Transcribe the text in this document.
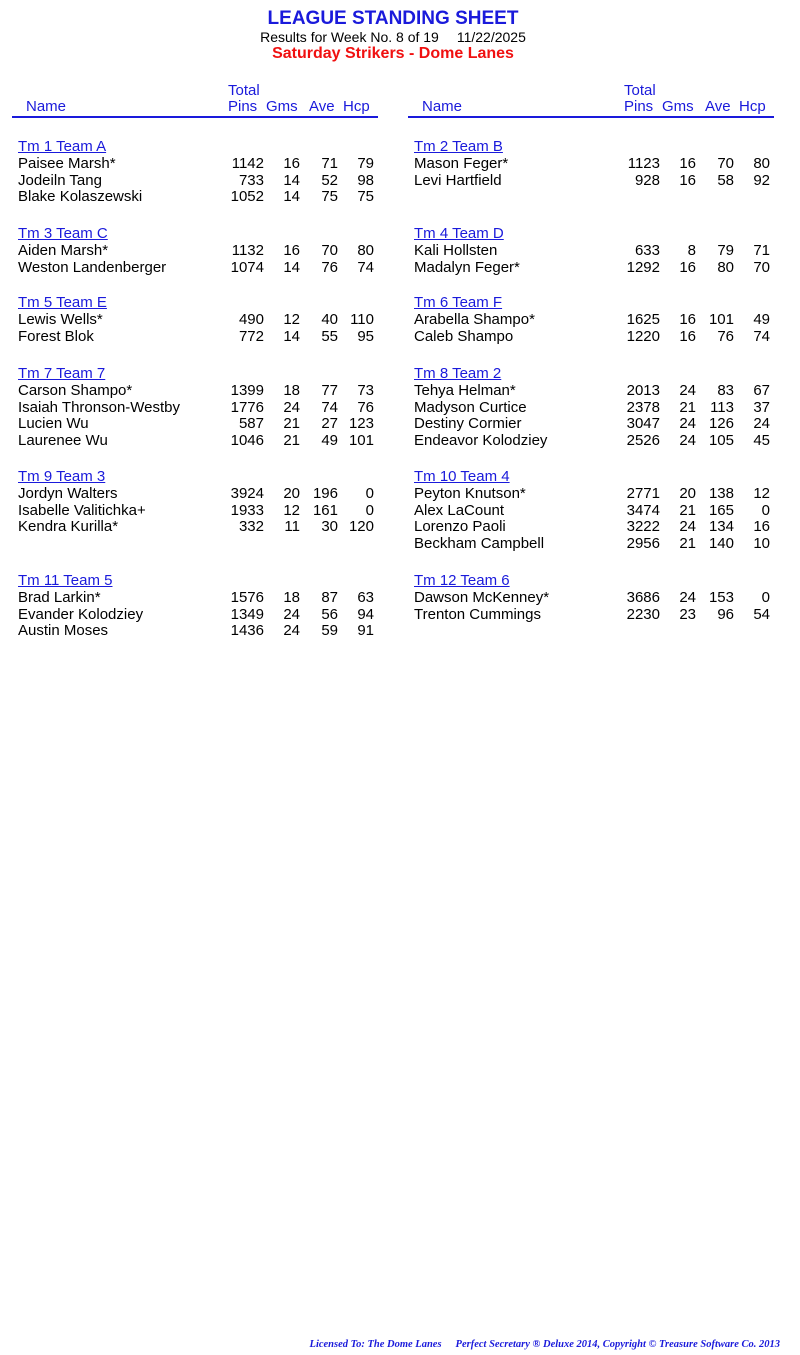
LEAGUE STANDING SHEET
Results for Week No. 8 of 19 11/22/2025
Saturday Strikers - Dome Lanes
Total
Name	Pins Gms Ave Hcp
Tm 1 Team A
Paisee Marsh*	1142 16 71 79
Jodeiln Tang	733 14 52 98
Blake Kolaszewski	1052 14 75 75
Tm 3 Team C
Aiden Marsh*	1132 16 70 80
Weston Landenberger	1074 14 76 74
Tm 5 Team E
Lewis Wells*	490 12 40 110
Forest Blok	772 14 55 95
Tm 7 Team 7
Carson Shampo*	1399 18 77 73
Isaiah Thronson-Westby	1776 24 74 76
Lucien Wu	587 21 27 123
Laurenee Wu	1046 21 49 101
Tm 9 Team 3
Jordyn Walters	3924 20 196 0
Isabelle Valitichka+	1933 12 161 0
Kendra Kurilla*	332 11 30 120
Tm 11 Team 5
Brad Larkin*	1576 18 87 63
Evander Kolodziey	1349 24 56 94
Austin Moses	1436 24 59 91
Total
Name	Pins Gms Ave Hcp
Tm 2 Team B
Mason Feger*	1123 16 70 80
Levi Hartfield	928 16 58 92
Tm 4 Team D
Kali Hollsten	633 8 79 71
Madalyn Feger*	1292 16 80 70
Tm 6 Team F
Arabella Shampo*	1625 16 101 49
Caleb Shampo	1220 16 76 74
Tm 8 Team 2
Tehya Helman*	2013 24 83 67
Madyson Curtice	2378 21 113 37
Destiny Cormier	3047 24 126 24
Endeavor Kolodziey	2526 24 105 45
Tm 10 Team 4
Peyton Knutson*	2771 20 138 12
Alex LaCount	3474 21 165 0
Lorenzo Paoli	3222 24 134 16
Beckham Campbell	2956 21 140 10
Tm 12 Team 6
Dawson McKenney*	3686 24 153 0
Trenton Cummings	2230 23 96 54
Licensed To: The Dome Lanes Perfect Secretary ® Deluxe 2014, Copyright © Treasure Software Co. 2013
